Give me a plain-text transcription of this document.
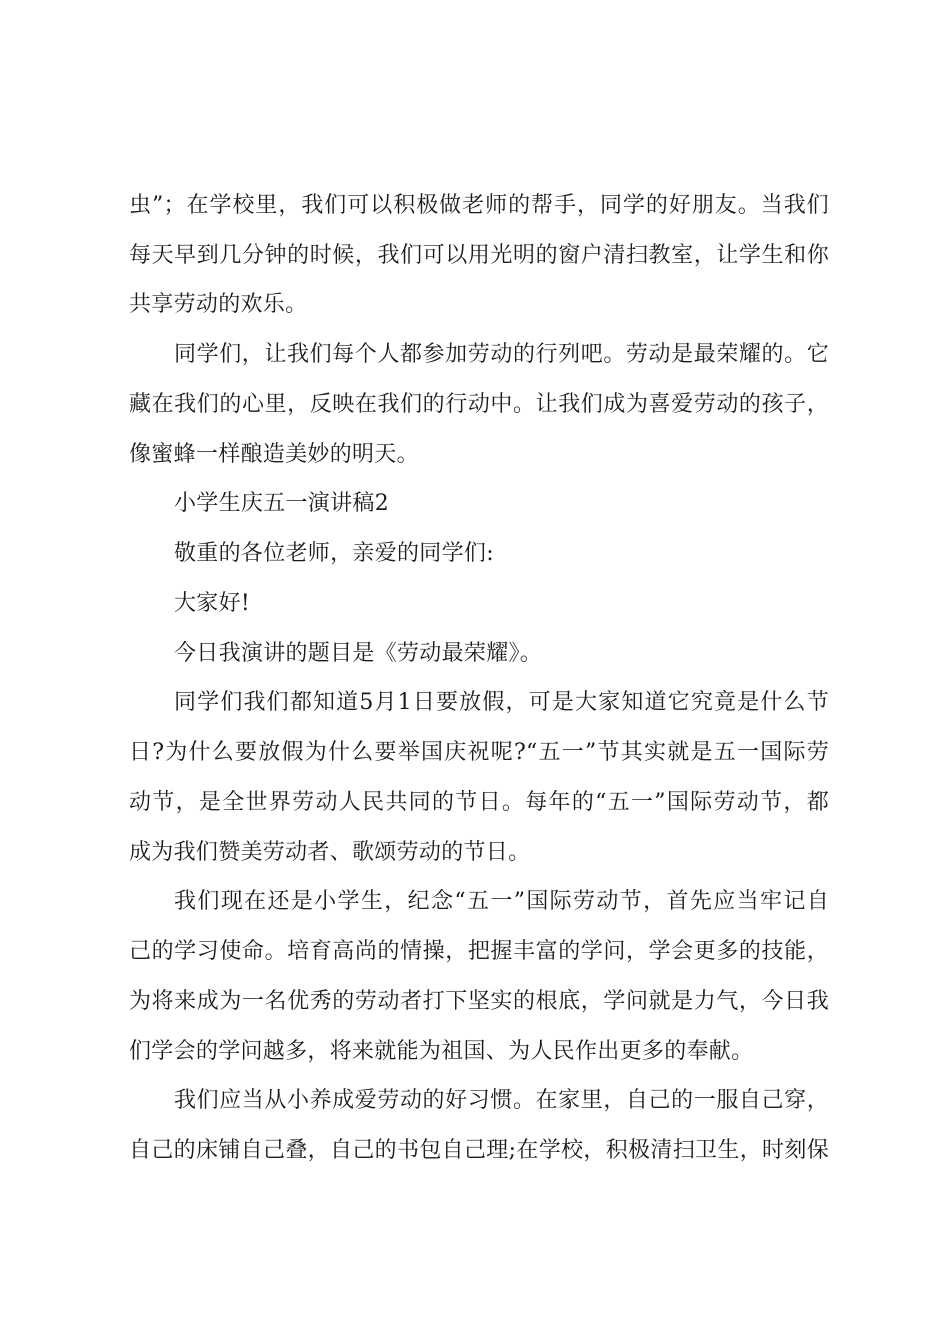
虫”；在学校里，我们可以积极做老师的帮手，同学的好朋友。当我们
每天早到几分钟的时候，我们可以用光明的窗户清扫教室，让学生和你
共享劳动的欢乐。
同学们，让我们每个人都参加劳动的行列吧。劳动是最荣耀的。它
藏在我们的心里，反映在我们的行动中。让我们成为喜爱劳动的孩子，
像蜜蜂一样酿造美妙的明天。
小学生庆五一演讲稿2
敬重的各位老师，亲爱的同学们:
大家好!
今日我演讲的题目是《劳动最荣耀》。
同学们我们都知道5月1日要放假，可是大家知道它究竟是什么节
日?为什么要放假为什么要举国庆祝呢?“五一”节其实就是五一国际劳
动节，是全世界劳动人民共同的节日。每年的“五一”国际劳动节，都
成为我们赞美劳动者、歌颂劳动的节日。
我们现在还是小学生，纪念“五一”国际劳动节，首先应当牢记自
己的学习使命。培育高尚的情操，把握丰富的学问，学会更多的技能，
为将来成为一名优秀的劳动者打下坚实的根底，学问就是力气，今日我
们学会的学问越多，将来就能为祖国、为人民作出更多的奉献。
我们应当从小养成爱劳动的好习惯。在家里，自己的一服自己穿，
自己的床铺自己叠，自己的书包自己理;在学校，积极清扫卫生，时刻保
